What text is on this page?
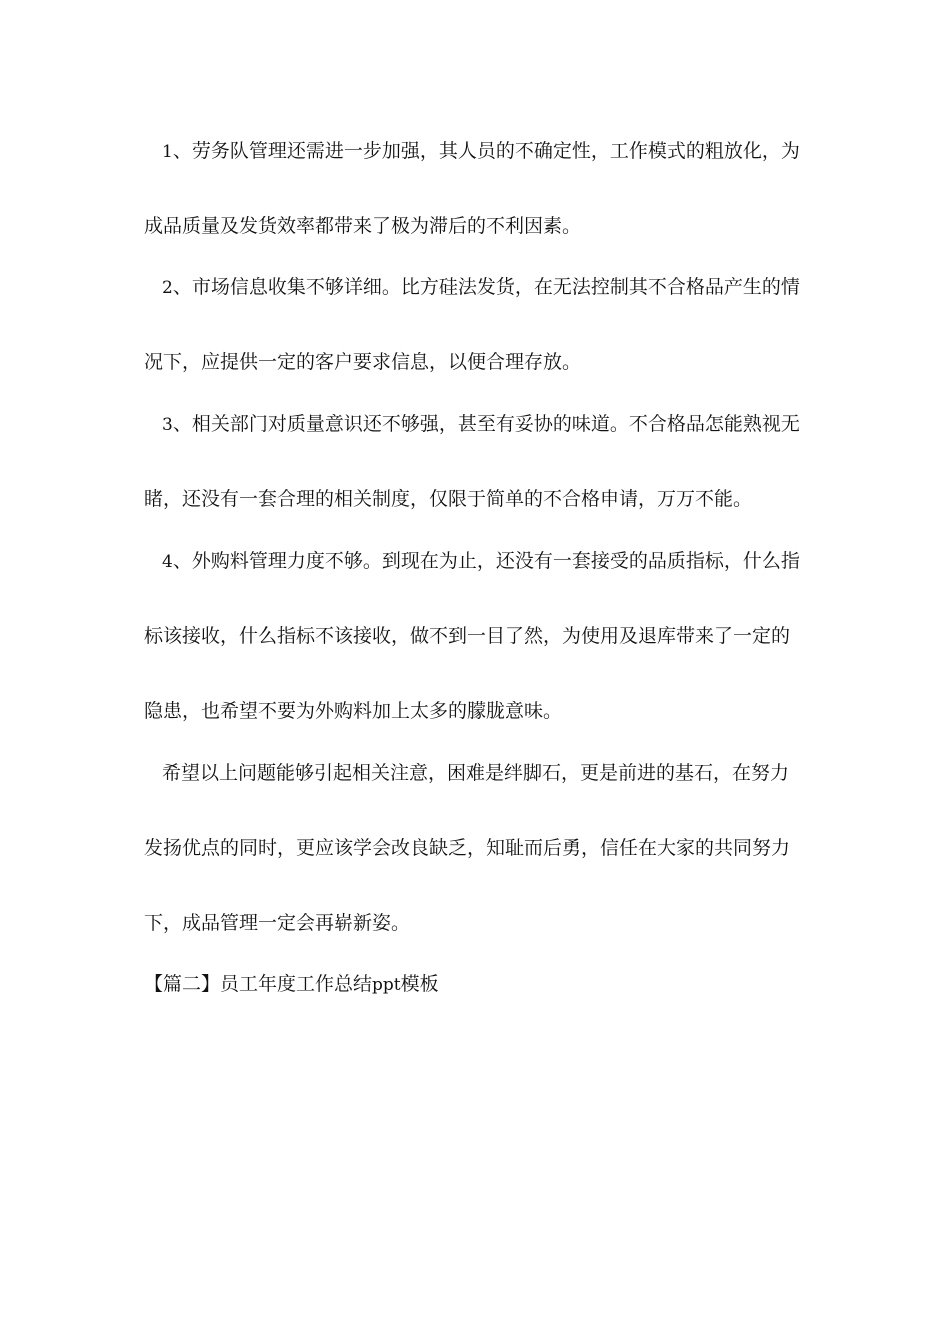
1、劳务队管理还需进一步加强，其人员的不确定性，工作模式的粗放化，为
成品质量及发货效率都带来了极为滞后的不利因素。
2、市场信息收集不够详细。比方硅法发货，在无法控制其不合格品产生的情
况下，应提供一定的客户要求信息，以便合理存放。
3、相关部门对质量意识还不够强，甚至有妥协的味道。不合格品怎能熟视无
睹，还没有一套合理的相关制度，仅限于简单的不合格申请，万万不能。
4、外购料管理力度不够。到现在为止，还没有一套接受的品质指标，什么指
标该接收，什么指标不该接收，做不到一目了然，为使用及退库带来了一定的
隐患，也希望不要为外购料加上太多的朦胧意味。
希望以上问题能够引起相关注意，困难是绊脚石，更是前进的基石，在努力
发扬优点的同时，更应该学会改良缺乏，知耻而后勇，信任在大家的共同努力
下，成品管理一定会再崭新姿。
【篇二】员工年度工作总结ppt模板
